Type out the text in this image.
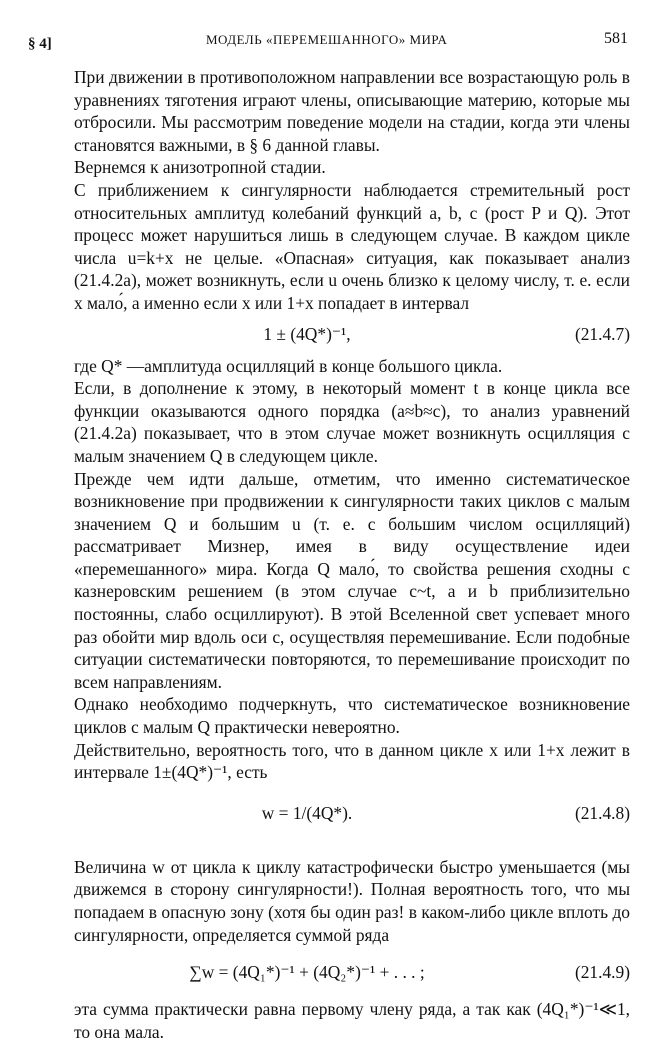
§ 4]	МОДЕЛЬ «ПЕРЕМЕШАННОГО» МИРА	581

При движении в противоположном направлении все возрастающую роль в уравнениях тяготения играют члены, описывающие материю, которые мы отбросили. Мы рассмотрим поведение модели на стадии, когда эти члены становятся важными, в § 6 данной главы.

Вернемся к анизотропной стадии.

С приближением к сингулярности наблюдается стремительный рост относительных амплитуд колебаний функций a, b, c (рост P и Q). Этот процесс может нарушиться лишь в следующем случае. В каждом цикле числа u=k+x не целые. «Опасная» ситуация, как показывает анализ (21.4.2а), может возникнуть, если u очень близко к целому числу, т. е. если x мало́, а именно если x или 1+x попадает в интервал

1 ± (4Q*)⁻¹,	(21.4.7)

где Q* —амплитуда осцилляций в конце большого цикла.

Если, в дополнение к этому, в некоторый момент t в конце цикла все функции оказываются одного порядка (a≈b≈c), то анализ уравнений (21.4.2а) показывает, что в этом случае может возникнуть осцилляция с малым значением Q в следующем цикле.

Прежде чем идти дальше, отметим, что именно систематическое возникновение при продвижении к сингулярности таких циклов с малым значением Q и большим u (т. е. с большим числом осцилляций) рассматривает Мизнер, имея в виду осуществление идеи «перемешанного» мира. Когда Q мало́, то свойства решения сходны с казнеровским решением (в этом случае c~t, a и b приблизительно постоянны, слабо осциллируют). В этой Вселенной свет успевает много раз обойти мир вдоль оси c, осуществляя перемешивание. Если подобные ситуации систематически повторяются, то перемешивание происходит по всем направлениям.

Однако необходимо подчеркнуть, что систематическое возникновение циклов с малым Q практически невероятно.

Действительно, вероятность того, что в данном цикле x или 1+x лежит в интервале 1±(4Q*)⁻¹, есть

w = 1/(4Q*).	(21.4.8)

Величина w от цикла к циклу катастрофически быстро уменьшается (мы движемся в сторону сингулярности!). Полная вероятность того, что мы попадаем в опасную зону (хотя бы один раз! в каком-либо цикле вплоть до сингулярности, определяется суммой ряда

∑w = (4Q₁*)⁻¹ + (4Q₂*)⁻¹ + . . . ;	(21.4.9)

эта сумма практически равна первому члену ряда, а так как (4Q₁*)⁻¹≪1, то она мала.
